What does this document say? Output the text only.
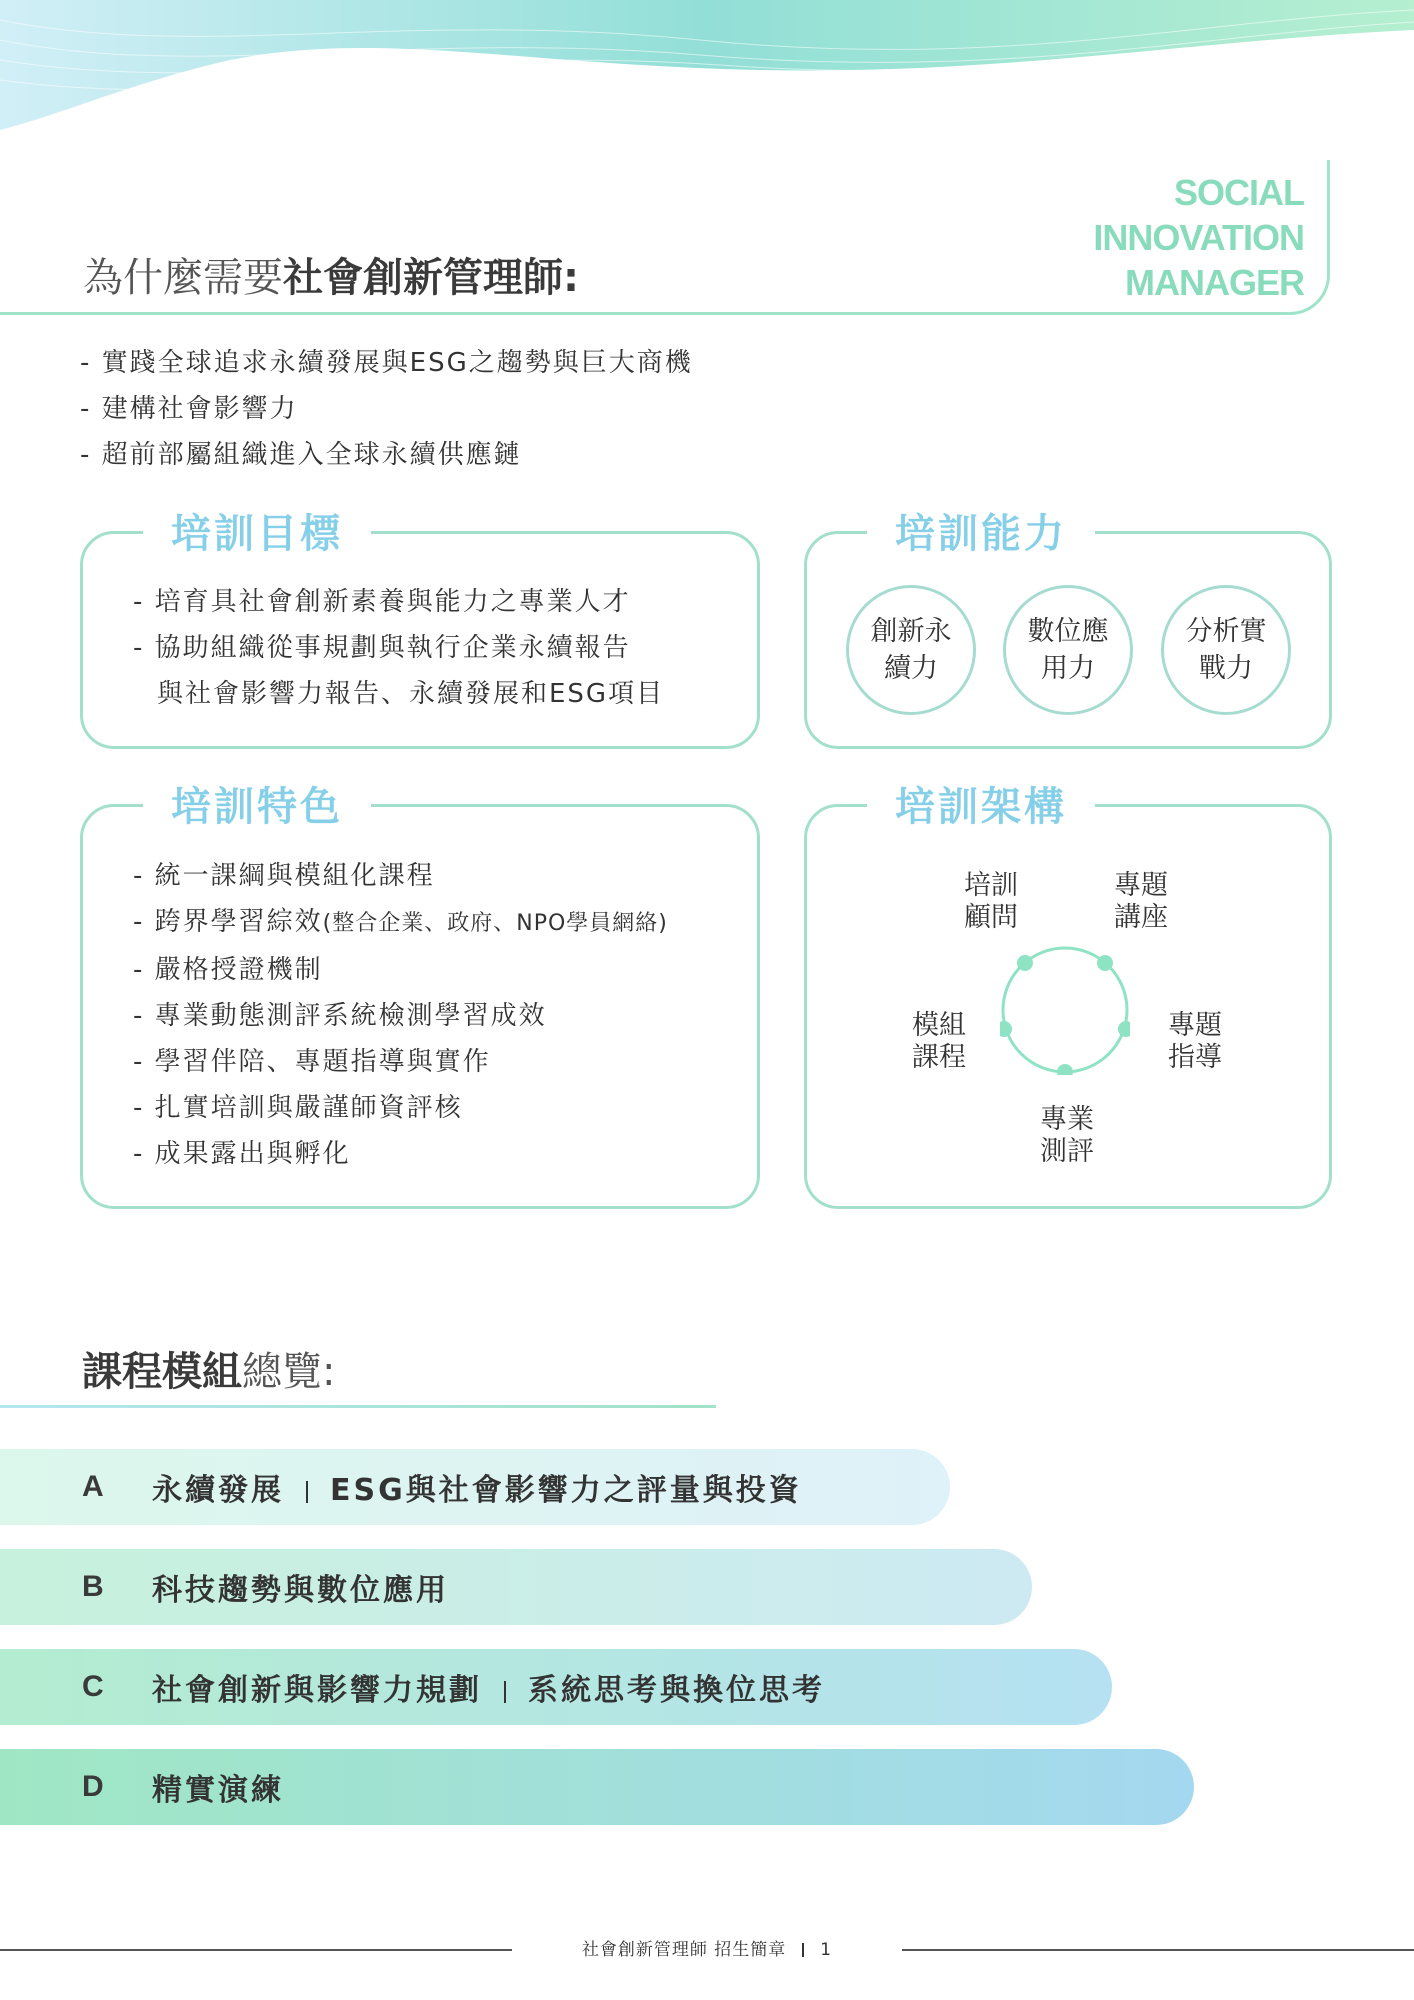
SOCIAL
INNOVATION
MANAGER
為什麼需要社會創新管理師:
- 實踐全球追求永續發展與ESG之趨勢與巨大商機
- 建構社會影響力
- 超前部屬組織進入全球永續供應鏈
培訓目標
- 培育具社會創新素養與能力之專業人才
- 協助組織從事規劃與執行企業永續報告
與社會影響力報告、永續發展和ESG項目
培訓能力
創新永續力
數位應用力
分析實戰力
培訓特色
- 統一課綱與模組化課程
- 跨界學習綜效(整合企業、政府、NPO學員網絡)
- 嚴格授證機制
- 專業動態測評系統檢測學習成效
- 學習伴陪、專題指導與實作
- 扎實培訓與嚴謹師資評核
- 成果露出與孵化
培訓架構
培訓
顧問
專題
講座
模組
課程
專題
指導
專業
測評
課程模組總覽:
A 永續發展 ESG與社會影響力之評量與投資
B 科技趨勢與數位應用
C 社會創新與影響力規劃 系統思考與換位思考
D 精實演練
社會創新管理師 招生簡章 1
